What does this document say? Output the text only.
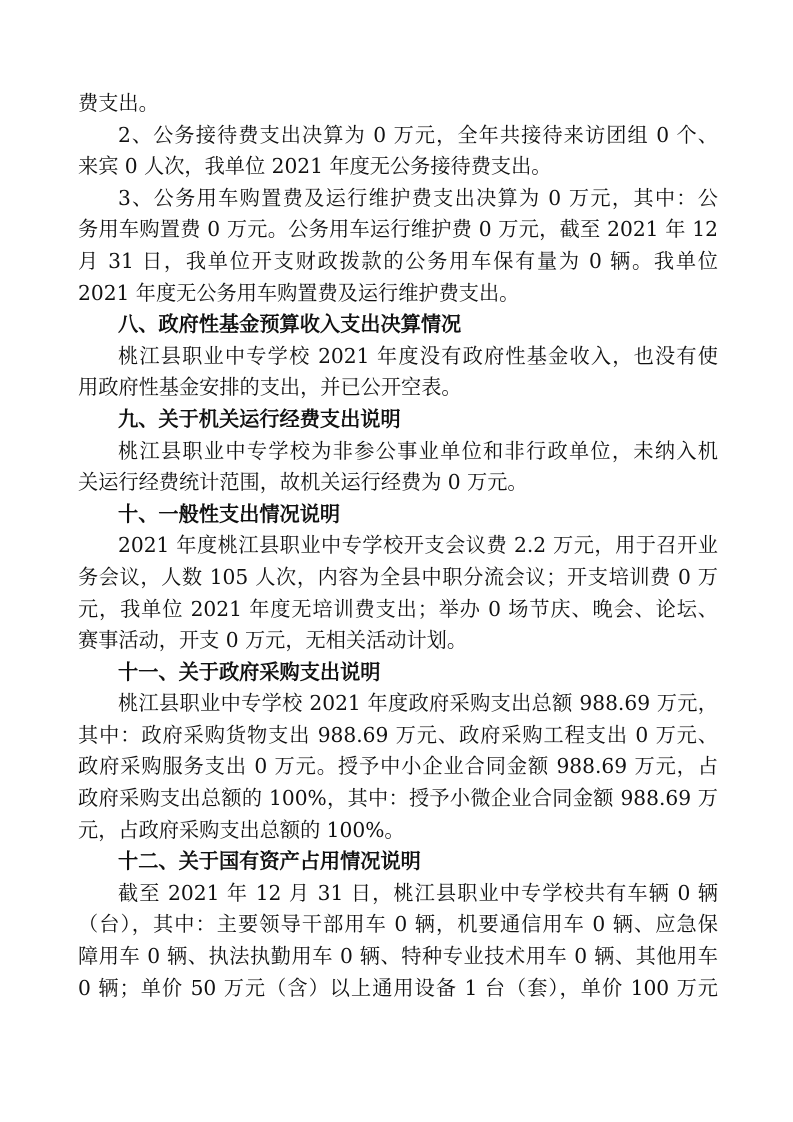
费支出。
2、公务接待费支出决算为 0 万元，全年共接待来访团组 0 个、
来宾 0 人次，我单位 2021 年度无公务接待费支出。
3、公务用车购置费及运行维护费支出决算为 0 万元，其中：公
务用车购置费 0 万元。公务用车运行维护费 0 万元，截至 2021 年 12
月 31 日，我单位开支财政拨款的公务用车保有量为 0 辆。我单位
2021 年度无公务用车购置费及运行维护费支出。
八、政府性基金预算收入支出决算情况
桃江县职业中专学校 2021 年度没有政府性基金收入，也没有使
用政府性基金安排的支出，并已公开空表。
九、关于机关运行经费支出说明
桃江县职业中专学校为非参公事业单位和非行政单位，未纳入机
关运行经费统计范围，故机关运行经费为 0 万元。
十、一般性支出情况说明
2021 年度桃江县职业中专学校开支会议费 2.2 万元，用于召开业
务会议，人数 105 人次，内容为全县中职分流会议；开支培训费 0 万
元，我单位 2021 年度无培训费支出；举办 0 场节庆、晚会、论坛、
赛事活动，开支 0 万元，无相关活动计划。
十一、关于政府采购支出说明
桃江县职业中专学校 2021 年度政府采购支出总额 988.69 万元，
其中：政府采购货物支出 988.69 万元、政府采购工程支出 0 万元、
政府采购服务支出 0 万元。授予中小企业合同金额 988.69 万元，占
政府采购支出总额的 100%，其中：授予小微企业合同金额 988.69 万
元，占政府采购支出总额的 100%。
十二、关于国有资产占用情况说明
截至 2021 年 12 月 31 日，桃江县职业中专学校共有车辆 0 辆
（台），其中：主要领导干部用车 0 辆，机要通信用车 0 辆、应急保
障用车 0 辆、执法执勤用车 0 辆、特种专业技术用车 0 辆、其他用车
0 辆；单价 50 万元（含）以上通用设备 1 台（套），单价 100 万元
